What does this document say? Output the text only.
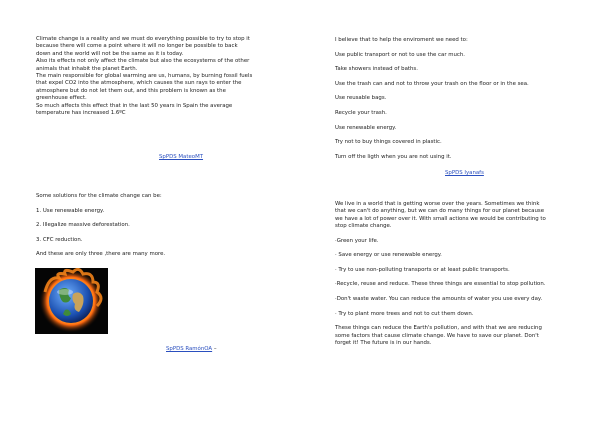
Climate change is a reality and we must do everything possible to try to stop it

because there will come a point where it will no longer be possible to back

down and the world will not be the same as it is today.

Also its effects not only affect the climate but also the ecosystems of the other

animals that inhabit the planet Earth.

The main responsible for global warming are us, humans, by burning fossil fuels

that expel CO2 into the atmosphere, which causes the sun rays to enter the

atmosphere but do not let them out, and this problem is known as the

greenhouse effect.

So much affects this effect that in the last 50 years in Spain the average

temperature has increased 1.6ºC

SpPDS MateoMT

I believe that to help the enviroment we need to:

Use public transport or not to use the car much.

Take showers instead of baths.

Use the trash can and not to throw your trash on the floor or in the sea.

Use reusable bags.

Recycle your trash.

Use renewable energy.

Try not to buy things covered in plastic.

Turn off the ligth when you are not using it.

SpPDS Iyanafs

Some solutions for the climate change can be:

1. Use renewable energy.

2. Illegalize massive deforestation.

3. CFC reduction.

And these are only three ,there are many more.

SpPDS RamónOA –

We live in a world that is getting worse over the years. Sometimes we think

that we can't do anything, but we can do many things for our planet because

we have a lot of power over it. With small actions we would be contributing to

stop climate change.

·Green your life.

· Save energy or use renewable energy.

· Try to use non-polluting transports or at least public transports.

·Recycle, reuse and reduce. These three things are essential to stop pollution.

·Don't waste water. You can reduce the amounts of water you use every day.

· Try to plant more trees and not to cut them down.

These things can reduce the Earth's pollution, and with that we are reducing

some factors that cause climate change. We have to save our planet. Don't

forget it! The future is in our hands.
